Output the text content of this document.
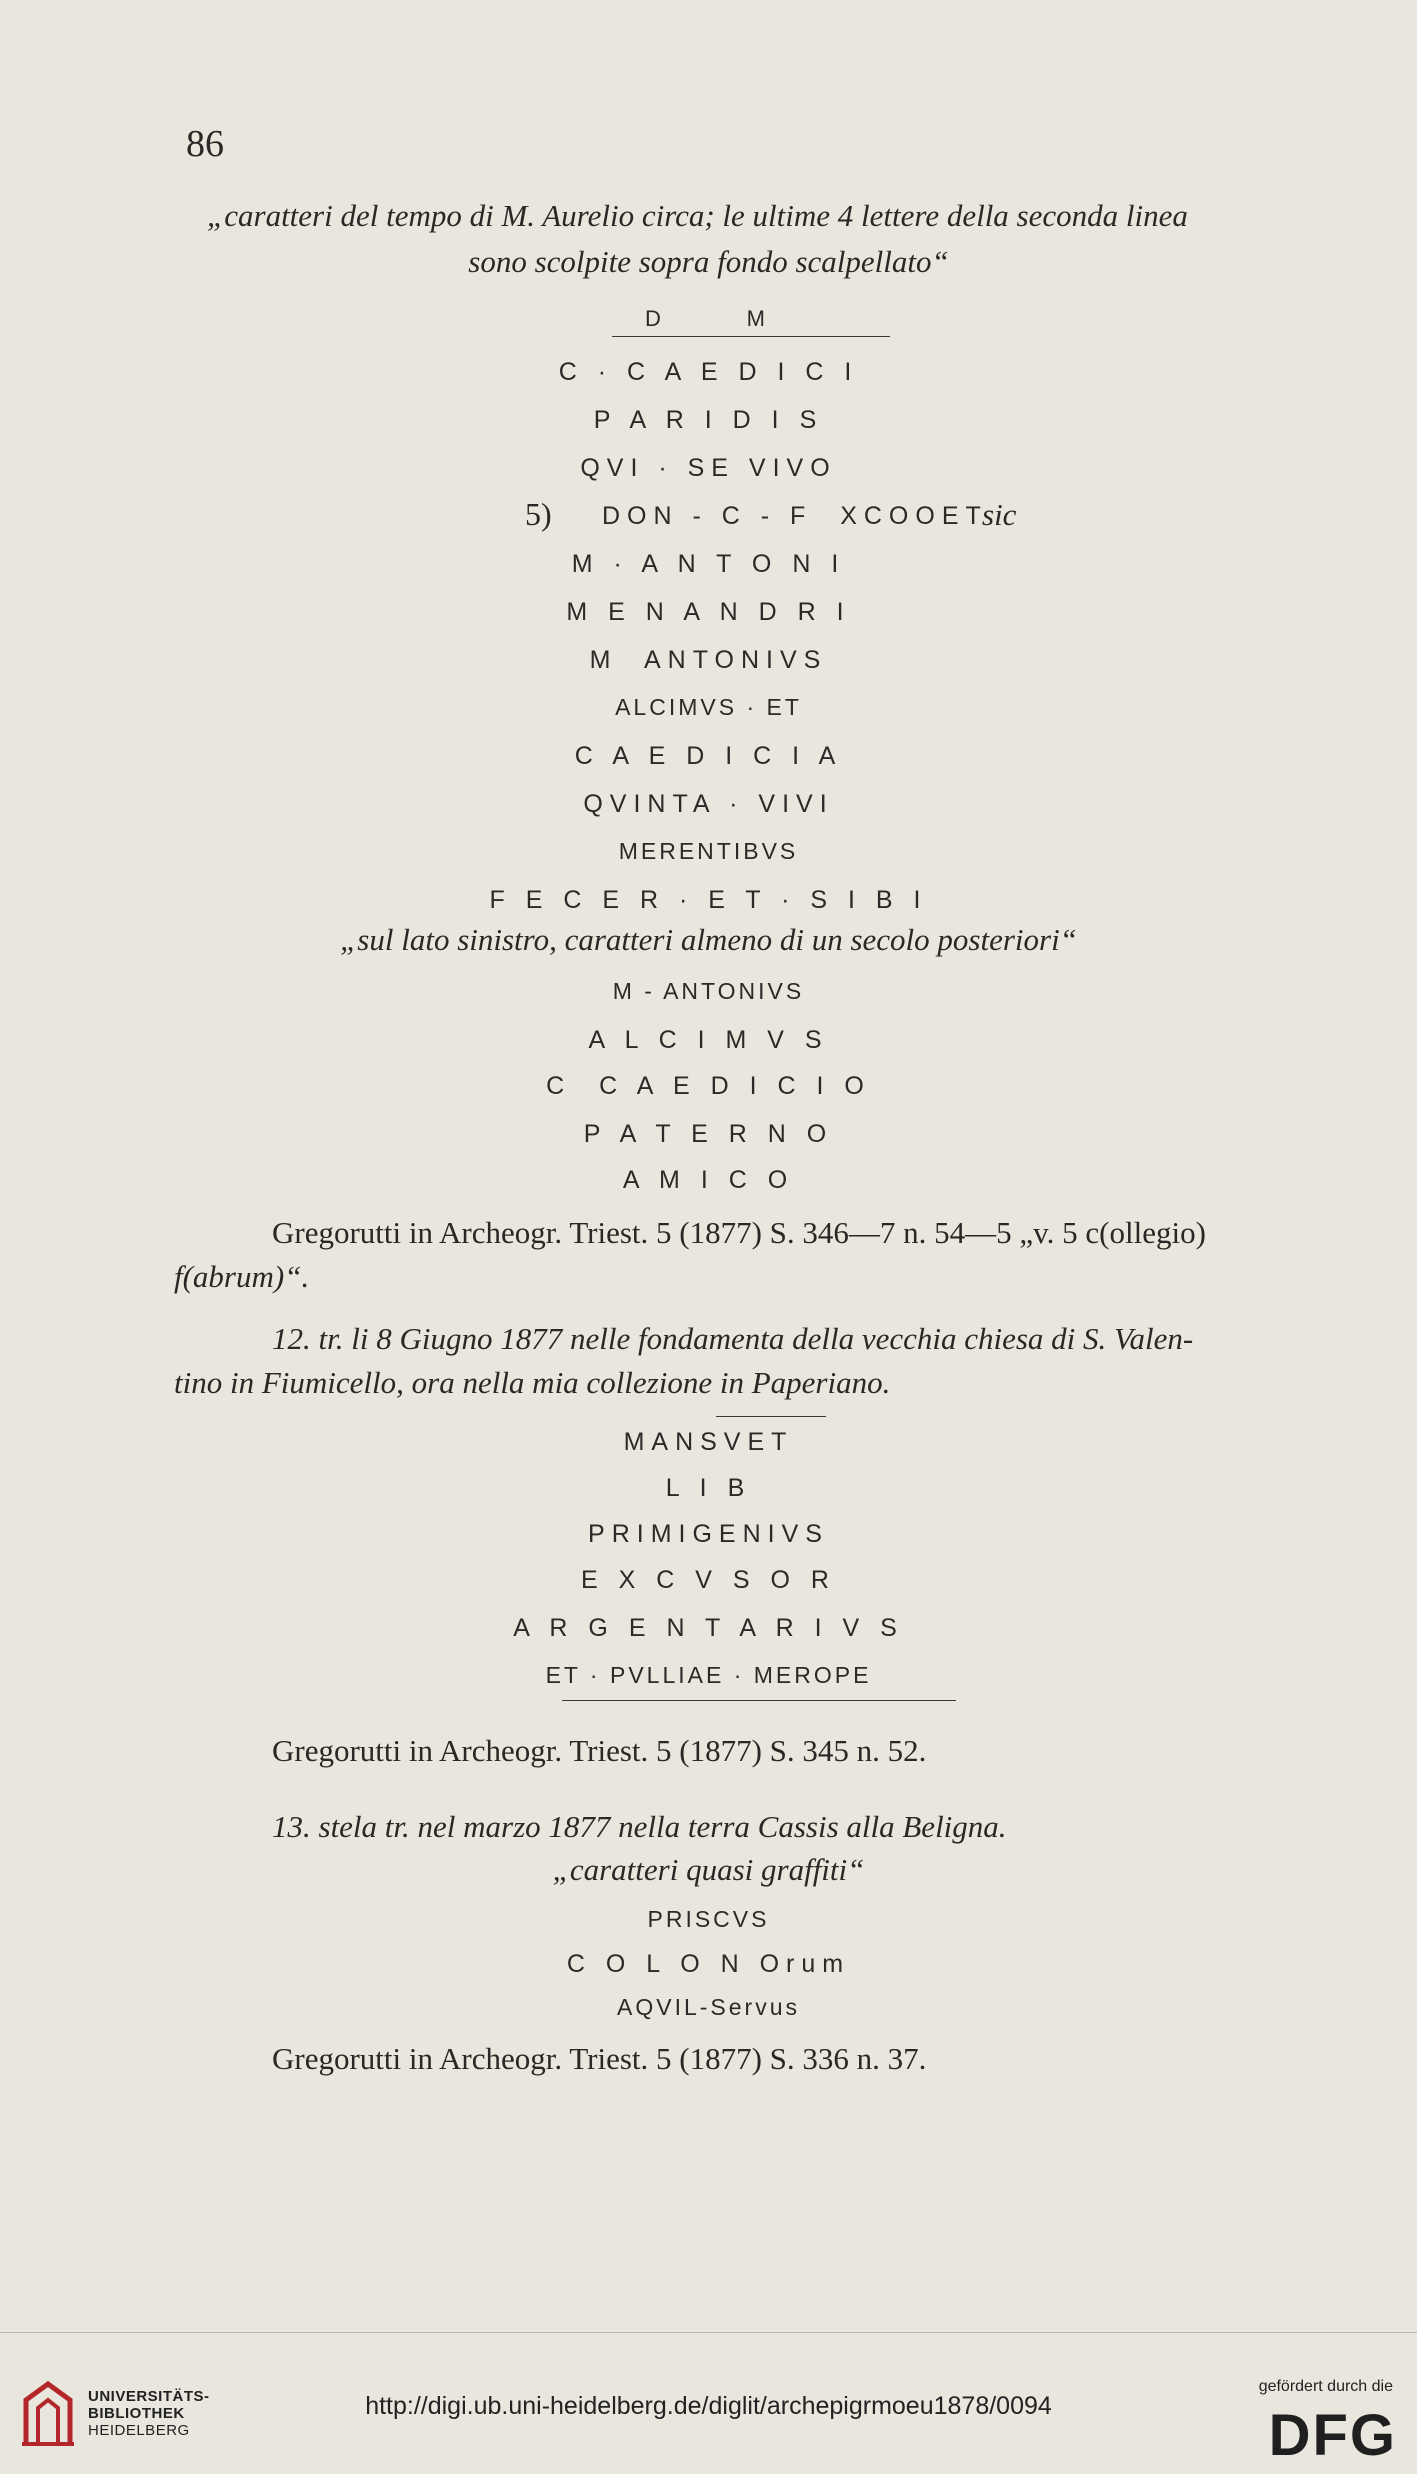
86
„caratteri del tempo di M. Aurelio circa; le ultime 4 lettere della seconda linea
sono scolpite sopra fondo scalpellato“
D      M
C · C A E D I C I
P A R I D I S
QVI · SE VIVO
5) DON - C - F  XCOOET
sic
M · A N T O N I
M E N A N D R I
M  ANTONIVS
ALCIMVS · ET
C A E D I C I A
QVINTA · VIVI
MERENTIBVS
F E C E R · E T · S I B I
„sul lato sinistro, caratteri almeno di un secolo posteriori“
M - ANTONIVS
A L C I M V S
C  C A E D I C I O
P A T E R N O
A M I C O
Gregorutti in Archeogr. Triest. 5 (1877) S. 346—7 n. 54—5 „v. 5 c(ollegio)
f(abrum)“.
12. tr. li 8 Giugno 1877 nelle fondamenta della vecchia chiesa di S. Valen-
tino in Fiumicello, ora nella mia collezione in Paperiano.
MANSVET
L I B
PRIMIGENIVS
E X C V S O R
A R G E N T A R I V S
ET · PVLLIAE · MEROPE
Gregorutti in Archeogr. Triest. 5 (1877) S. 345 n. 52.
13. stela tr. nel marzo 1877 nella terra Cassis alla Beligna.
„caratteri quasi graffiti“
PRISCVS
C O L O N Orum
AQVIL-Servus
Gregorutti in Archeogr. Triest. 5 (1877) S. 336 n. 37.
UNIVERSITÄTS-
BIBLIOTHEK
HEIDELBERG
http://digi.ub.uni-heidelberg.de/diglit/archepigrmoeu1878/0094
gefördert durch die
DFG
